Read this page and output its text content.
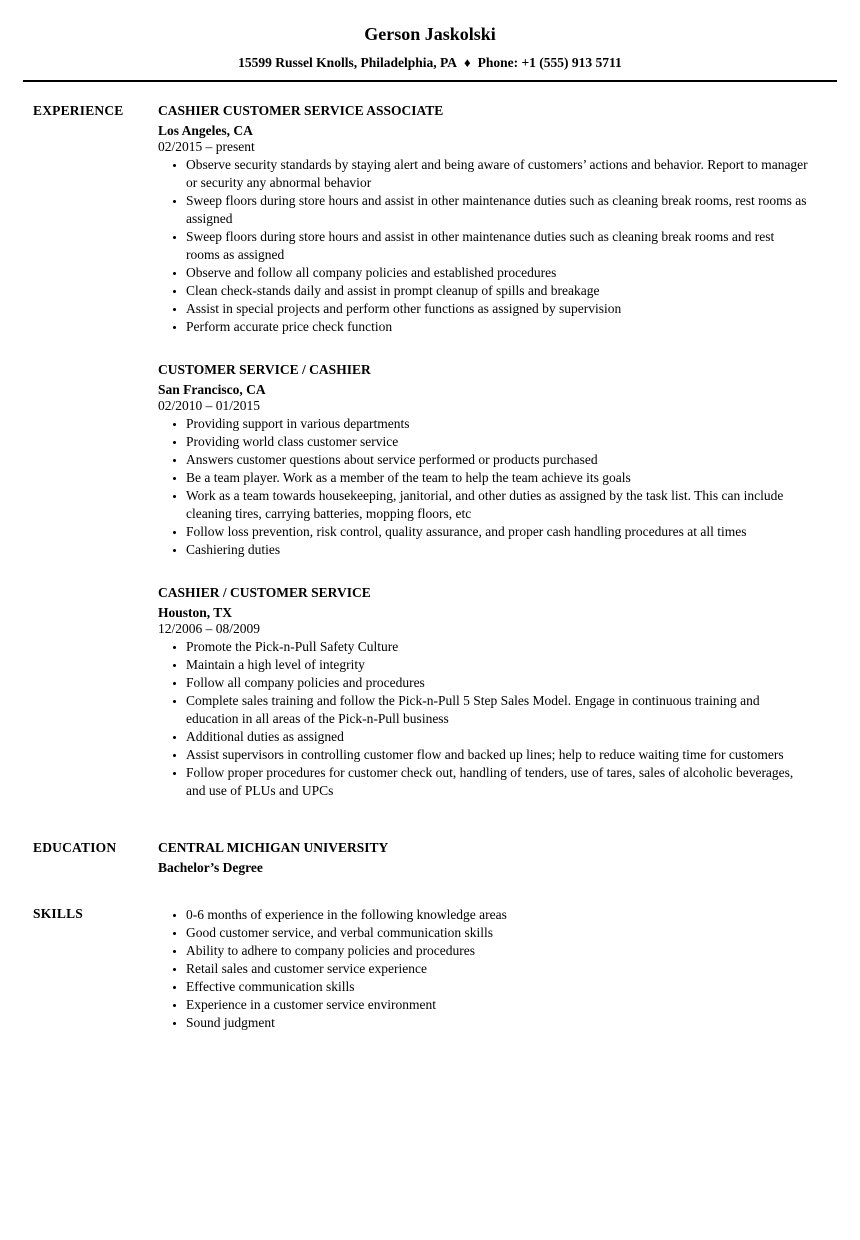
Gerson Jaskolski
15599 Russel Knolls, Philadelphia, PA ♦ Phone: +1 (555) 913 5711
EXPERIENCE	CASHIER CUSTOMER SERVICE ASSOCIATE
Los Angeles, CA
02/2015 – present
• Observe security standards by staying alert and being aware of customers’ actions and behavior. Report to manager or security any abnormal behavior
• Sweep floors during store hours and assist in other maintenance duties such as cleaning break rooms, rest rooms as assigned
• Sweep floors during store hours and assist in other maintenance duties such as cleaning break rooms and rest rooms as assigned
• Observe and follow all company policies and established procedures
• Clean check-stands daily and assist in prompt cleanup of spills and breakage
• Assist in special projects and perform other functions as assigned by supervision
• Perform accurate price check function
CUSTOMER SERVICE / CASHIER
San Francisco, CA
02/2010 – 01/2015
• Providing support in various departments
• Providing world class customer service
• Answers customer questions about service performed or products purchased
• Be a team player. Work as a member of the team to help the team achieve its goals
• Work as a team towards housekeeping, janitorial, and other duties as assigned by the task list. This can include cleaning tires, carrying batteries, mopping floors, etc
• Follow loss prevention, risk control, quality assurance, and proper cash handling procedures at all times
• Cashiering duties
CASHIER / CUSTOMER SERVICE
Houston, TX
12/2006 – 08/2009
• Promote the Pick-n-Pull Safety Culture
• Maintain a high level of integrity
• Follow all company policies and procedures
• Complete sales training and follow the Pick-n-Pull 5 Step Sales Model. Engage in continuous training and education in all areas of the Pick-n-Pull business
• Additional duties as assigned
• Assist supervisors in controlling customer flow and backed up lines; help to reduce waiting time for customers
• Follow proper procedures for customer check out, handling of tenders, use of tares, sales of alcoholic beverages, and use of PLUs and UPCs
EDUCATION	CENTRAL MICHIGAN UNIVERSITY
Bachelor’s Degree
SKILLS	• 0-6 months of experience in the following knowledge areas
• Good customer service, and verbal communication skills
• Ability to adhere to company policies and procedures
• Retail sales and customer service experience
• Effective communication skills
• Experience in a customer service environment
• Sound judgment
